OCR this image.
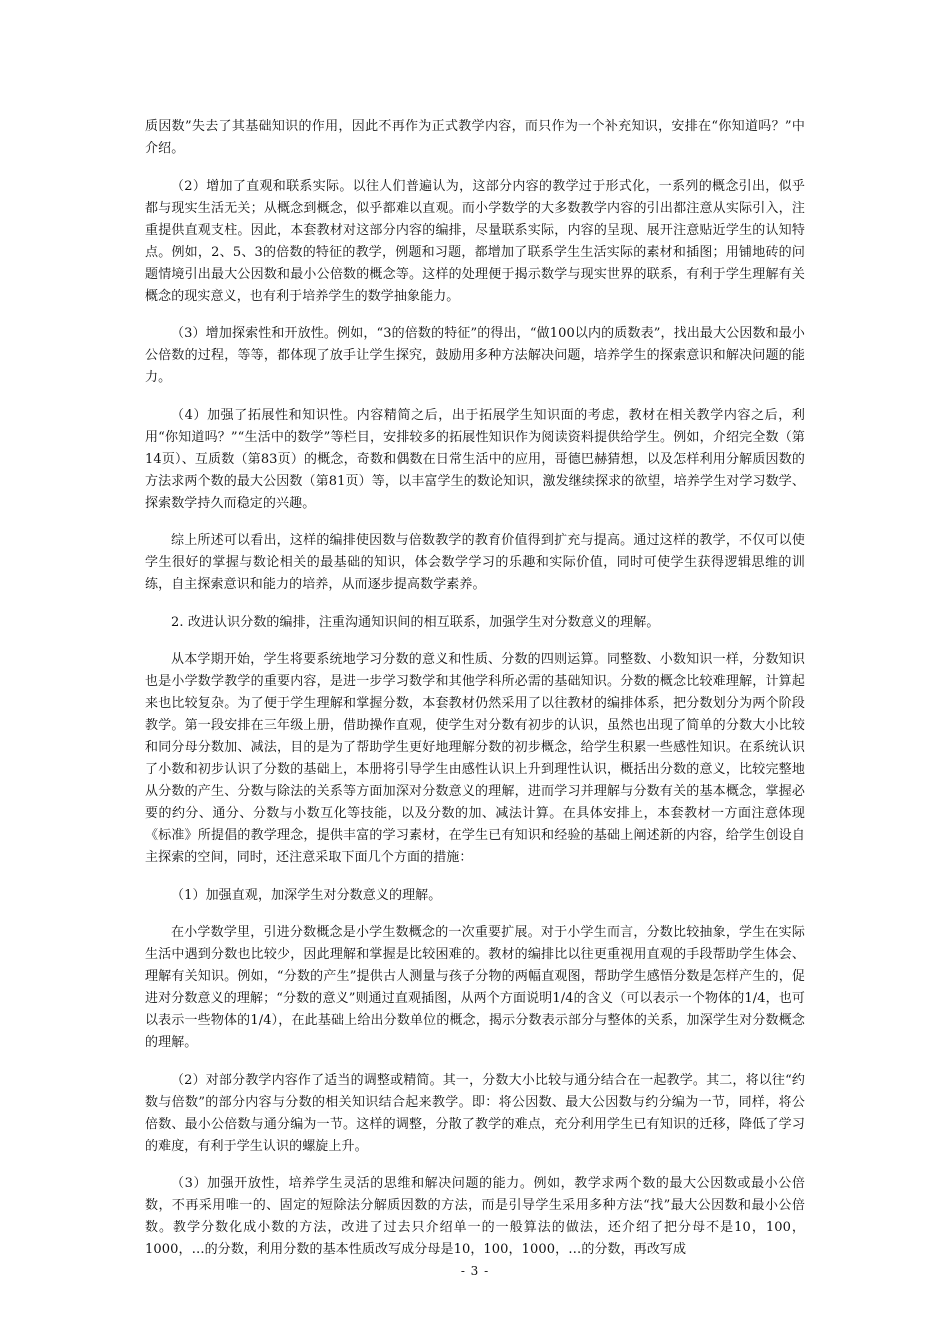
质因数”失去了其基础知识的作用，因此不再作为正式教学内容，而只作为一个补充知识，安排在“你知道吗？”中介绍。

（2）增加了直观和联系实际。以往人们普遍认为，这部分内容的教学过于形式化，一系列的概念引出，似乎都与现实生活无关；从概念到概念，似乎都难以直观。而小学数学的大多数教学内容的引出都注意从实际引入，注重提供直观支柱。因此，本套教材对这部分内容的编排，尽量联系实际，内容的呈现、展开注意贴近学生的认知特点。例如，2、5、3的倍数的特征的教学，例题和习题，都增加了联系学生生活实际的素材和插图；用铺地砖的问题情境引出最大公因数和最小公倍数的概念等。这样的处理便于揭示数学与现实世界的联系，有利于学生理解有关概念的现实意义，也有利于培养学生的数学抽象能力。

（3）增加探索性和开放性。例如，“3的倍数的特征”的得出，“做100以内的质数表”，找出最大公因数和最小公倍数的过程，等等，都体现了放手让学生探究，鼓励用多种方法解决问题，培养学生的探索意识和解决问题的能力。

（4）加强了拓展性和知识性。内容精简之后，出于拓展学生知识面的考虑，教材在相关教学内容之后，利用“你知道吗？”“生活中的数学”等栏目，安排较多的拓展性知识作为阅读资料提供给学生。例如，介绍完全数（第14页）、互质数（第83页）的概念，奇数和偶数在日常生活中的应用，哥德巴赫猜想，以及怎样利用分解质因数的方法求两个数的最大公因数（第81页）等，以丰富学生的数论知识，激发继续探求的欲望，培养学生对学习数学、探索数学持久而稳定的兴趣。

综上所述可以看出，这样的编排使因数与倍数教学的教育价值得到扩充与提高。通过这样的教学，不仅可以使学生很好的掌握与数论相关的最基础的知识，体会数学学习的乐趣和实际价值，同时可使学生获得逻辑思维的训练，自主探索意识和能力的培养，从而逐步提高数学素养。

2. 改进认识分数的编排，注重沟通知识间的相互联系，加强学生对分数意义的理解。

从本学期开始，学生将要系统地学习分数的意义和性质、分数的四则运算。同整数、小数知识一样，分数知识也是小学数学教学的重要内容，是进一步学习数学和其他学科所必需的基础知识。分数的概念比较难理解，计算起来也比较复杂。为了便于学生理解和掌握分数，本套教材仍然采用了以往教材的编排体系，把分数划分为两个阶段教学。第一段安排在三年级上册，借助操作直观，使学生对分数有初步的认识，虽然也出现了简单的分数大小比较和同分母分数加、减法，目的是为了帮助学生更好地理解分数的初步概念，给学生积累一些感性知识。在系统认识了小数和初步认识了分数的基础上，本册将引导学生由感性认识上升到理性认识，概括出分数的意义，比较完整地从分数的产生、分数与除法的关系等方面加深对分数意义的理解，进而学习并理解与分数有关的基本概念，掌握必要的约分、通分、分数与小数互化等技能，以及分数的加、减法计算。在具体安排上，本套教材一方面注意体现《标准》所提倡的教学理念，提供丰富的学习素材，在学生已有知识和经验的基础上阐述新的内容，给学生创设自主探索的空间，同时，还注意采取下面几个方面的措施：

（1）加强直观，加深学生对分数意义的理解。

在小学数学里，引进分数概念是小学生数概念的一次重要扩展。对于小学生而言，分数比较抽象，学生在实际生活中遇到分数也比较少，因此理解和掌握是比较困难的。教材的编排比以往更重视用直观的手段帮助学生体会、理解有关知识。例如，“分数的产生”提供古人测量与孩子分物的两幅直观图，帮助学生感悟分数是怎样产生的，促进对分数意义的理解；“分数的意义”则通过直观插图，从两个方面说明1/4的含义（可以表示一个物体的1/4，也可以表示一些物体的1/4），在此基础上给出分数单位的概念，揭示分数表示部分与整体的关系，加深学生对分数概念的理解。

（2）对部分教学内容作了适当的调整或精简。其一，分数大小比较与通分结合在一起教学。其二，将以往“约数与倍数”的部分内容与分数的相关知识结合起来教学。即：将公因数、最大公因数与约分编为一节，同样，将公倍数、最小公倍数与通分编为一节。这样的调整，分散了教学的难点，充分利用学生已有知识的迁移，降低了学习的难度，有利于学生认识的螺旋上升。

（3）加强开放性，培养学生灵活的思维和解决问题的能力。例如，教学求两个数的最大公因数或最小公倍数，不再采用唯一的、固定的短除法分解质因数的方法，而是引导学生采用多种方法“找”最大公因数和最小公倍数。教学分数化成小数的方法，改进了过去只介绍单一的一般算法的做法，还介绍了把分母不是10，100，1000，…的分数，利用分数的基本性质改写成分母是10，100，1000，…的分数，再改写成

- 3 -
